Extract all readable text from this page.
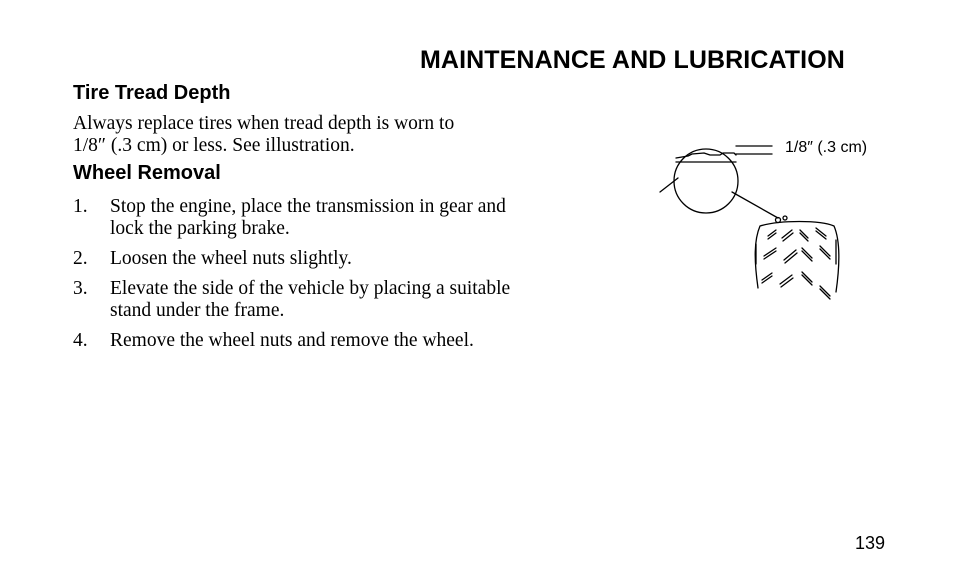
MAINTENANCE AND LUBRICATION
Tire Tread Depth
Always replace tires when tread depth is worn to
1/8″ (.3 cm) or less. See illustration.
Wheel Removal
1. Stop the engine, place the transmission in gear and
lock the parking brake.
2. Loosen the wheel nuts slightly.
3. Elevate the side of the vehicle by placing a suitable
stand under the frame.
4. Remove the wheel nuts and remove the wheel.
1/8″ (.3 cm)
139
